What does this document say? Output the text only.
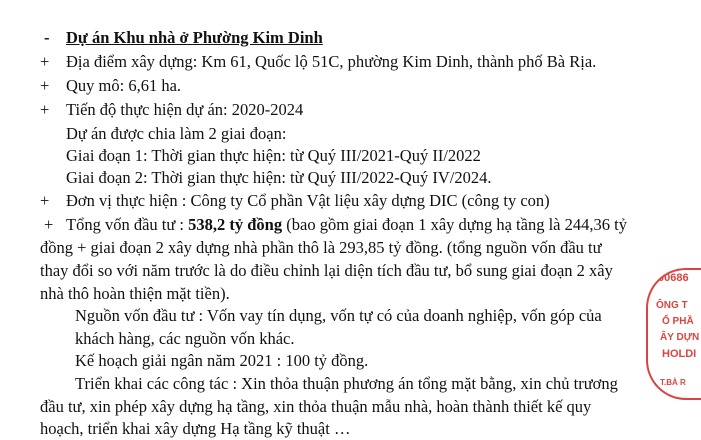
- Dự án Khu nhà ở Phường Kim Dinh
+ Địa điểm xây dựng: Km 61, Quốc lộ 51C, phường Kim Dinh, thành phố Bà Rịa.
+ Quy mô: 6,61 ha.
+ Tiến độ thực hiện dự án: 2020-2024
Dự án được chia làm 2 giai đoạn:
Giai đoạn 1: Thời gian thực hiện: từ Quý III/2021-Quý II/2022
Giai đoạn 2: Thời gian thực hiện: từ Quý III/2022-Quý IV/2024.
+ Đơn vị thực hiện : Công ty Cổ phần Vật liệu xây dựng DIC (công ty con)
+ Tổng vốn đầu tư : 538,2 tỷ đồng (bao gồm giai đoạn 1 xây dựng hạ tầng là 244,36 tỷ
đồng + giai đoạn 2 xây dựng nhà phần thô là 293,85 tỷ đồng. (tổng nguồn vốn đầu tư
thay đổi so với năm trước là do điều chỉnh lại diện tích đầu tư, bổ sung giai đoạn 2 xây
nhà thô hoàn thiện mặt tiền).
Nguồn vốn đầu tư : Vốn vay tín dụng, vốn tự có của doanh nghiệp, vốn góp của
khách hàng, các nguồn vốn khác.
Kế hoạch giải ngân năm 2021 : 100 tỷ đồng.
Triển khai các công tác : Xin thỏa thuận phương án tổng mặt bằng, xin chủ trương
đầu tư, xin phép xây dựng hạ tầng, xin thỏa thuận mẫu nhà, hoàn thành thiết kế quy
hoạch, triển khai xây dựng Hạ tầng kỹ thuật …
00686
ÔNG T
Ổ PHẦ
ÂY DỰN
HOLDI
T.BÀ R
